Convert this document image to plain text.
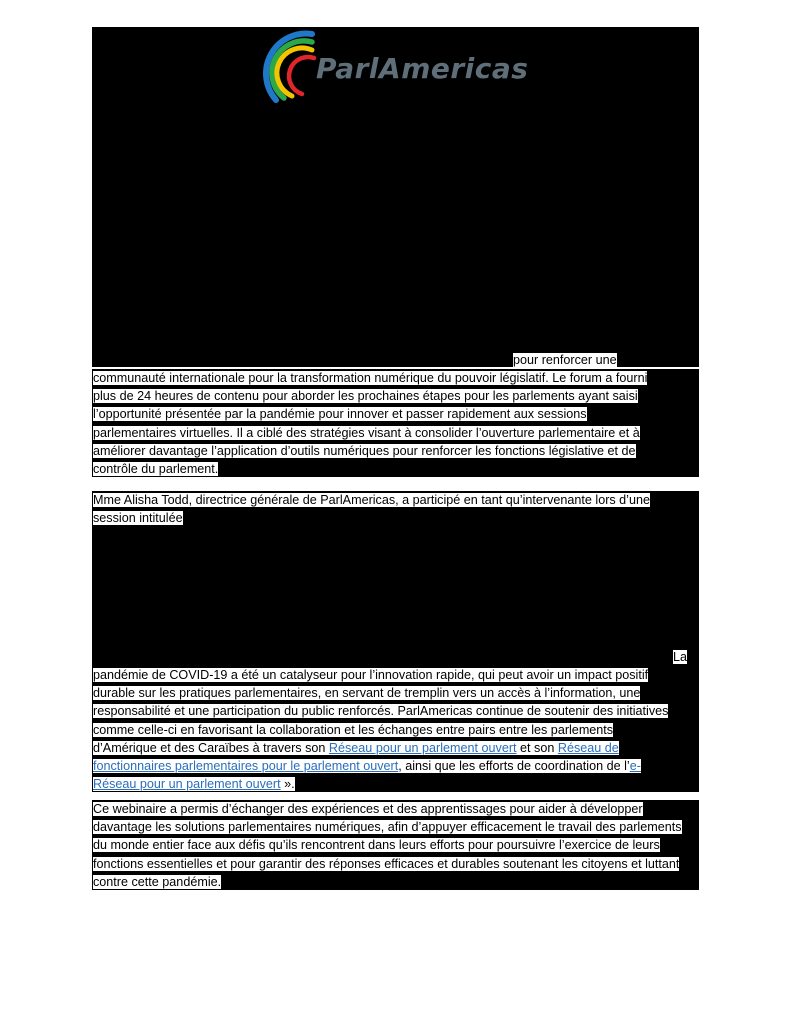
ParlAmericas
pour renforcer une
communauté internationale pour la transformation numérique du pouvoir législatif. Le forum a fourni
plus de 24 heures de contenu pour aborder les prochaines étapes pour les parlements ayant saisi
l’opportunité présentée par la pandémie pour innover et passer rapidement aux sessions
parlementaires virtuelles. Il a ciblé des stratégies visant à consolider l’ouverture parlementaire et à
améliorer davantage l’application d’outils numériques pour renforcer les fonctions législative et de
contrôle du parlement.
Mme Alisha Todd, directrice générale de ParlAmericas, a participé en tant qu’intervenante lors d’une
session intitulée
La
pandémie de COVID-19 a été un catalyseur pour l’innovation rapide, qui peut avoir un impact positif
durable sur les pratiques parlementaires, en servant de tremplin vers un accès à l’information, une
responsabilité et une participation du public renforcés. ParlAmericas continue de soutenir des initiatives
comme celle-ci en favorisant la collaboration et les échanges entre pairs entre les parlements
d’Amérique et des Caraïbes à travers son Réseau pour un parlement ouvert et son Réseau de
fonctionnaires parlementaires pour le parlement ouvert, ainsi que les efforts de coordination de l’e-
Réseau pour un parlement ouvert ».
Ce webinaire a permis d’échanger des expériences et des apprentissages pour aider à développer
davantage les solutions parlementaires numériques, afin d’appuyer efficacement le travail des parlements
du monde entier face aux défis qu’ils rencontrent dans leurs efforts pour poursuivre l’exercice de leurs
fonctions essentielles et pour garantir des réponses efficaces et durables soutenant les citoyens et luttant
contre cette pandémie.
